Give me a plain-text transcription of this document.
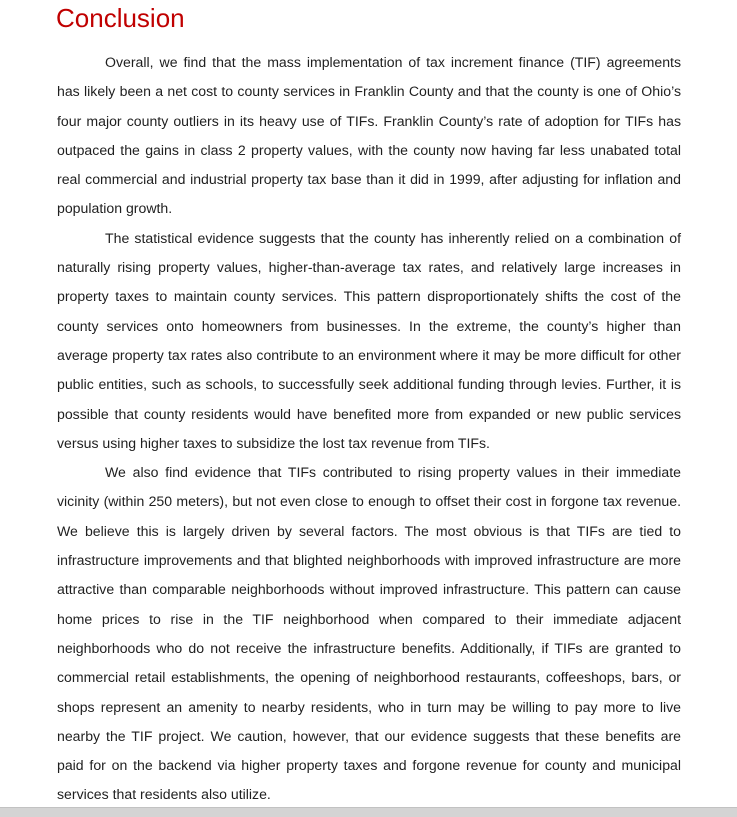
Conclusion

Overall, we find that the mass implementation of tax increment finance (TIF) agreements has likely been a net cost to county services in Franklin County and that the county is one of Ohio’s four major county outliers in its heavy use of TIFs. Franklin County’s rate of adoption for TIFs has outpaced the gains in class 2 property values, with the county now having far less unabated total real commercial and industrial property tax base than it did in 1999, after adjusting for inflation and population growth.

The statistical evidence suggests that the county has inherently relied on a combination of naturally rising property values, higher-than-average tax rates, and relatively large increases in property taxes to maintain county services. This pattern disproportionately shifts the cost of the county services onto homeowners from businesses. In the extreme, the county’s higher than average property tax rates also contribute to an environment where it may be more difficult for other public entities, such as schools, to successfully seek additional funding through levies. Further, it is possible that county residents would have benefited more from expanded or new public services versus using higher taxes to subsidize the lost tax revenue from TIFs.

We also find evidence that TIFs contributed to rising property values in their immediate vicinity (within 250 meters), but not even close to enough to offset their cost in forgone tax revenue. We believe this is largely driven by several factors. The most obvious is that TIFs are tied to infrastructure improvements and that blighted neighborhoods with improved infrastructure are more attractive than comparable neighborhoods without improved infrastructure. This pattern can cause home prices to rise in the TIF neighborhood when compared to their immediate adjacent neighborhoods who do not receive the infrastructure benefits. Additionally, if TIFs are granted to commercial retail establishments, the opening of neighborhood restaurants, coffeeshops, bars, or shops represent an amenity to nearby residents, who in turn may be willing to pay more to live nearby the TIF project. We caution, however, that our evidence suggests that these benefits are paid for on the backend via higher property taxes and forgone revenue for county and municipal services that residents also utilize.
